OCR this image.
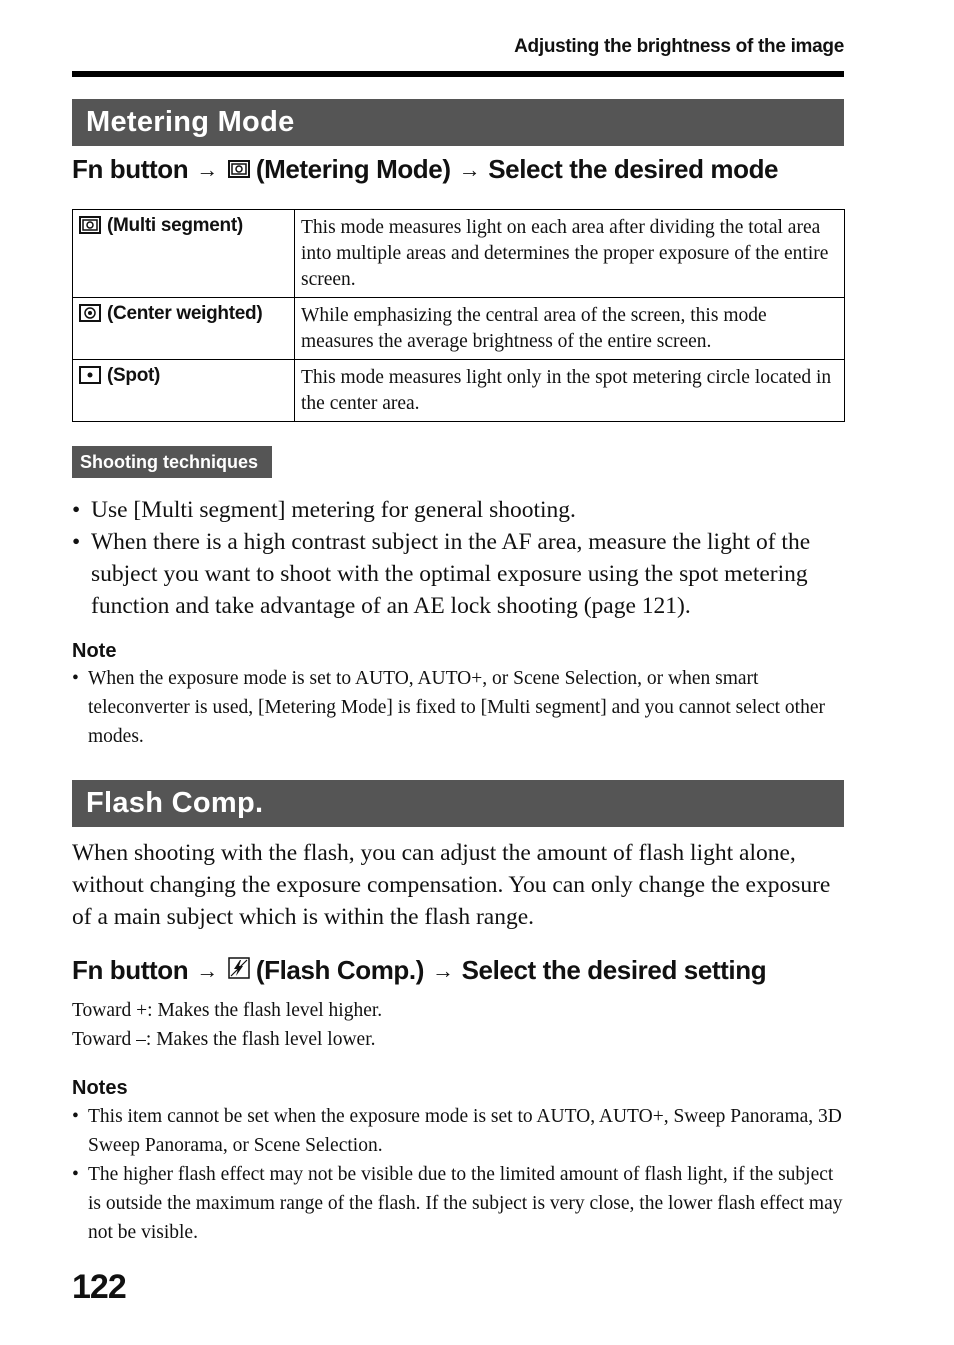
Adjusting the brightness of the image
Metering Mode
Fn button → (Metering Mode) → Select the desired mode
(Multi segment)	This mode measures light on each area after dividing the total area into multiple areas and determines the proper exposure of the entire screen.
(Center weighted)	While emphasizing the central area of the screen, this mode measures the average brightness of the entire screen.
(Spot)	This mode measures light only in the spot metering circle located in the center area.
Shooting techniques
• Use [Multi segment] metering for general shooting.
• When there is a high contrast subject in the AF area, measure the light of the subject you want to shoot with the optimal exposure using the spot metering function and take advantage of an AE lock shooting (page 121).
Note
• When the exposure mode is set to AUTO, AUTO+, or Scene Selection, or when smart teleconverter is used, [Metering Mode] is fixed to [Multi segment] and you cannot select other modes.
Flash Comp.

When shooting with the flash, you can adjust the amount of flash light alone, without changing the exposure compensation. You can only change the exposure of a main subject which is within the flash range.

Fn button → (Flash Comp.) → Select the desired setting
Toward +: Makes the flash level higher.
Toward –: Makes the flash level lower.
Notes
• This item cannot be set when the exposure mode is set to AUTO, AUTO+, Sweep Panorama, 3D Sweep Panorama, or Scene Selection.
• The higher flash effect may not be visible due to the limited amount of flash light, if the subject is outside the maximum range of the flash. If the subject is very close, the lower flash effect may not be visible.
122
